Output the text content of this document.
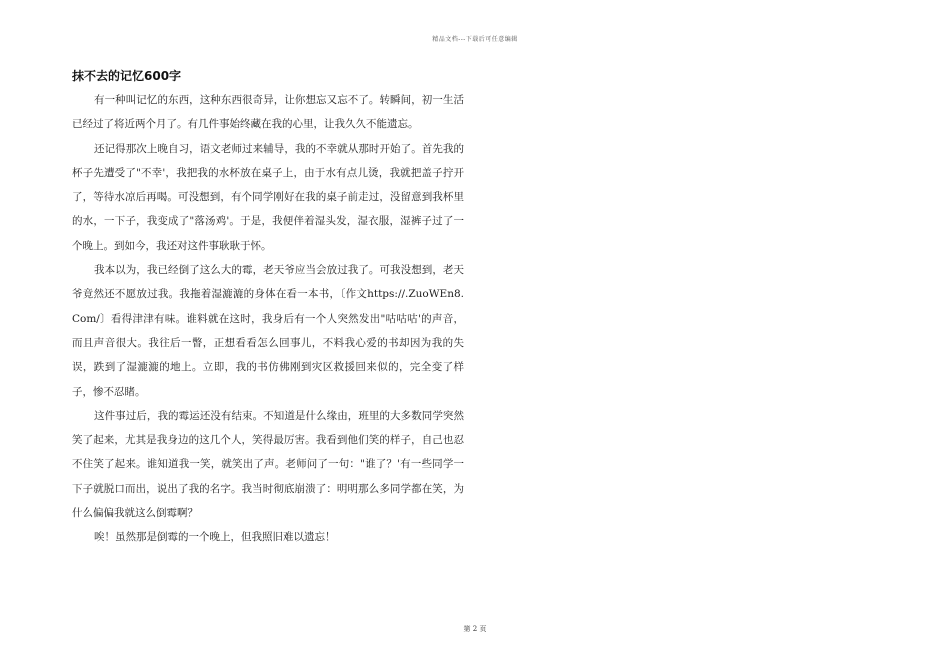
精品文档---下载后可任意编辑
抹不去的记忆600字

有一种叫记忆的东西，这种东西很奇异，让你想忘又忘不了。转瞬间，初一生活已经过了将近两个月了。有几件事始终藏在我的心里，让我久久不能遗忘。

还记得那次上晚自习，语文老师过来辅导，我的不幸就从那时开始了。首先我的杯子先遭受了"不幸'，我把我的水杯放在桌子上，由于水有点儿烫，我就把盖子拧开了，等待水凉后再喝。可没想到，有个同学刚好在我的桌子前走过，没留意到我杯里的水，一下子，我变成了"落汤鸡'。于是，我便伴着湿头发，湿衣服，湿裤子过了一个晚上。到如今，我还对这件事耿耿于怀。

我本以为，我已经倒了这么大的霉，老天爷应当会放过我了。可我没想到，老天爷竟然还不愿放过我。我拖着湿漉漉的身体在看一本书，〔作文https://.ZuoWEn8.Com/〕看得津津有味。谁料就在这时，我身后有一个人突然发出"咕咕咕'的声音，而且声音很大。我往后一瞥，正想看看怎么回事儿，不料我心爱的书却因为我的失误，跌到了湿漉漉的地上。立即，我的书仿佛刚到灾区救援回来似的，完全变了样子，惨不忍睹。

这件事过后，我的霉运还没有结束。不知道是什么缘由，班里的大多数同学突然笑了起来，尤其是我身边的这几个人，笑得最厉害。我看到他们笑的样子，自己也忍不住笑了起来。谁知道我一笑，就笑出了声。老师问了一句："谁了？'有一些同学一下子就脱口而出，说出了我的名字。我当时彻底崩溃了：明明那么多同学都在笑，为什么偏偏我就这么倒霉啊？

唉！虽然那是倒霉的一个晚上，但我照旧难以遗忘！

第 2 页
